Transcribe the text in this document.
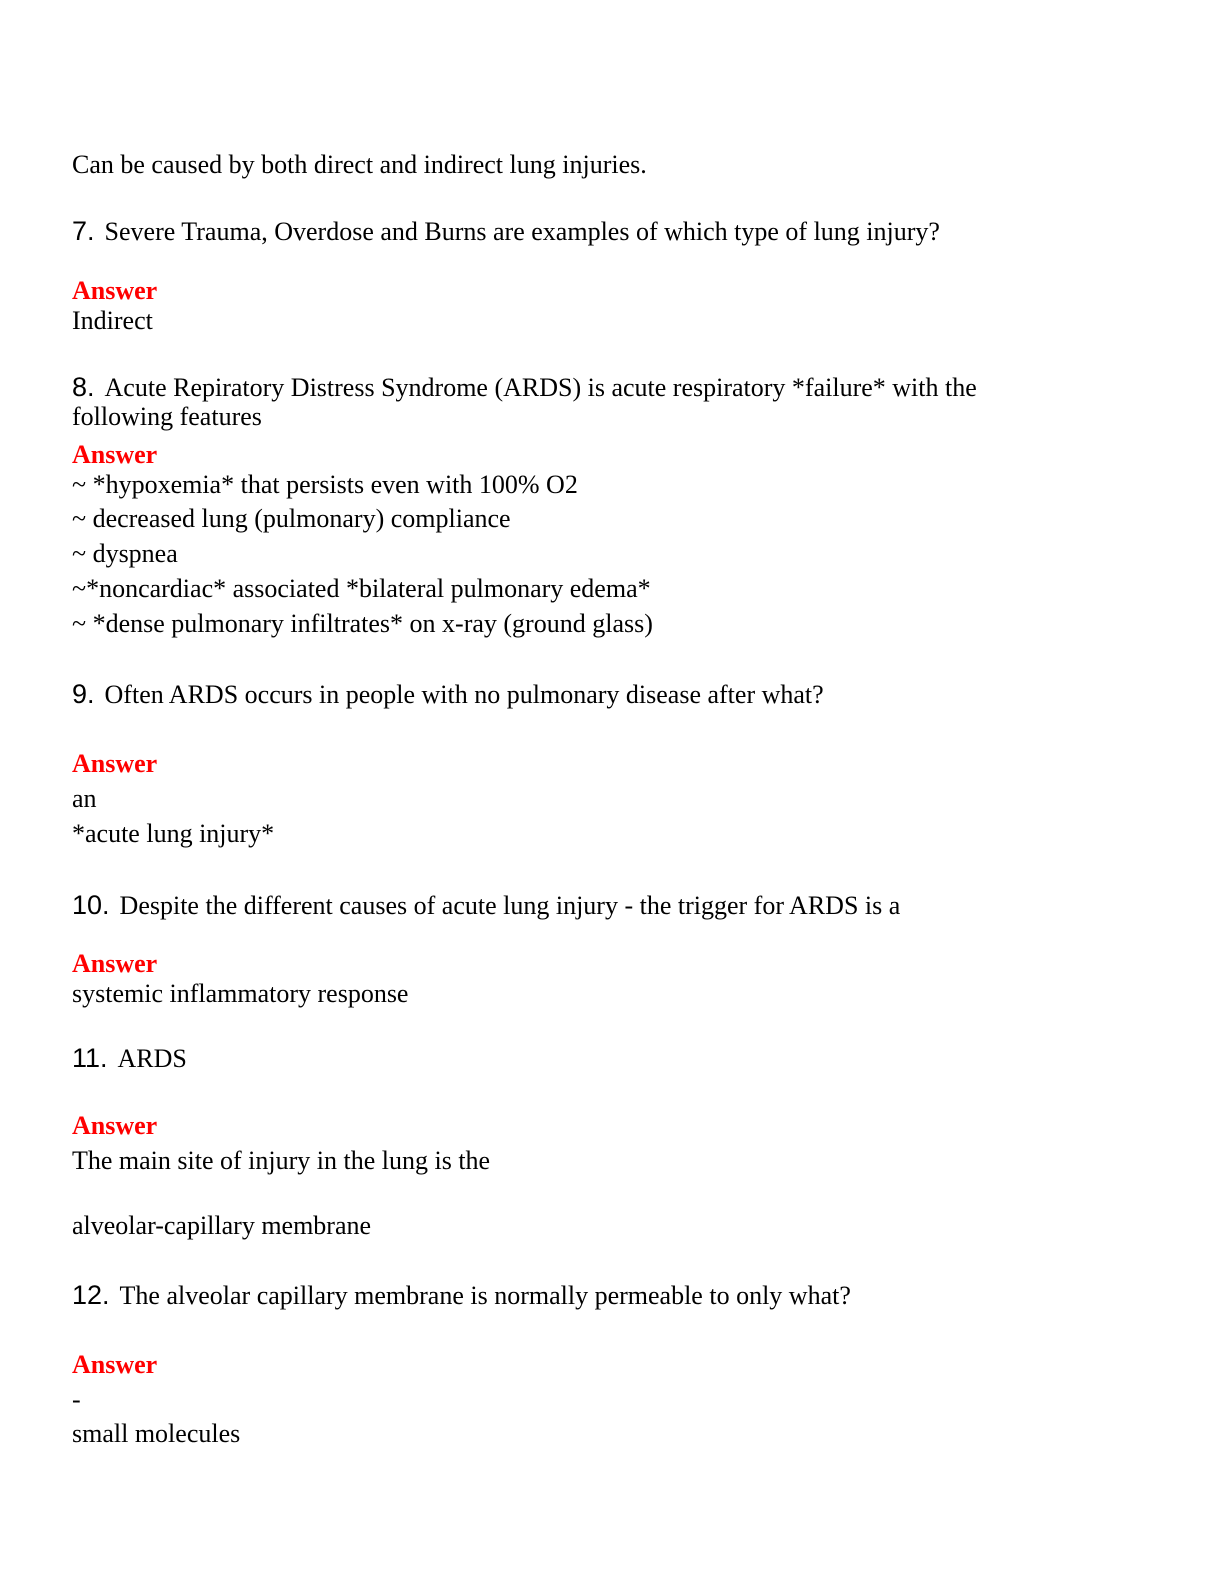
Can be caused by both direct and indirect lung injuries.
7. Severe Trauma, Overdose and Burns are examples of which type of lung injury?
Answer
Indirect
8. Acute Repiratory Distress Syndrome (ARDS) is acute respiratory *failure* with the
following features
Answer
~ *hypoxemia* that persists even with 100% O2
~ decreased lung (pulmonary) compliance
~ dyspnea
~*noncardiac* associated *bilateral pulmonary edema*
~ *dense pulmonary infiltrates* on x-ray (ground glass)
9. Often ARDS occurs in people with no pulmonary disease after what?
Answer
an
*acute lung injury*
10. Despite the different causes of acute lung injury - the trigger for ARDS is a
Answer
systemic inflammatory response
11. ARDS
Answer
The main site of injury in the lung is the
alveolar-capillary membrane
12. The alveolar capillary membrane is normally permeable to only what?
Answer
-
small molecules
